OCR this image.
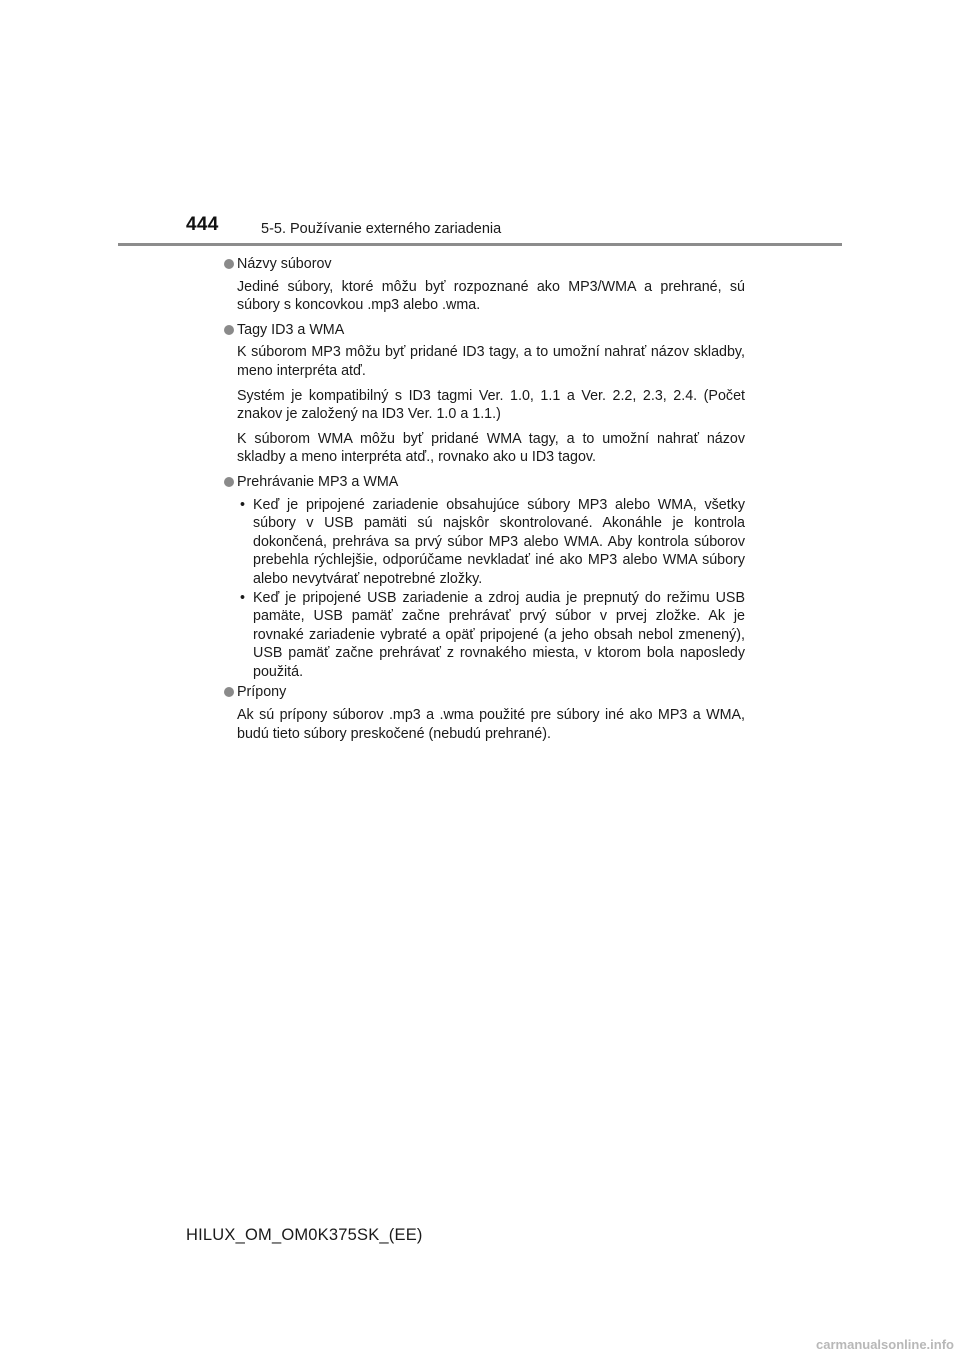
444	5-5. Používanie externého zariadenia
Názvy súborov

Jediné súbory, ktoré môžu byť rozpoznané ako MP3/WMA a prehrané, sú súbory s koncovkou .mp3 alebo .wma.

Tagy ID3 a WMA

K súborom MP3 môžu byť pridané ID3 tagy, a to umožní nahrať názov skladby, meno interpréta atď.

Systém je kompatibilný s ID3 tagmi Ver. 1.0, 1.1 a Ver. 2.2, 2.3, 2.4. (Počet znakov je založený na ID3 Ver. 1.0 a 1.1.)

K súborom WMA môžu byť pridané WMA tagy, a to umožní nahrať názov skladby a meno interpréta atď., rovnako ako u ID3 tagov.

Prehrávanie MP3 a WMA
• Keď je pripojené zariadenie obsahujúce súbory MP3 alebo WMA, všetky súbory v USB pamäti sú najskôr skontrolované. Akonáhle je kontrola dokončená, prehráva sa prvý súbor MP3 alebo WMA. Aby kontrola súborov prebehla rýchlejšie, odporúčame nevkladať iné ako MP3 alebo WMA súbory alebo nevytvárať nepotrebné zložky.
• Keď je pripojené USB zariadenie a zdroj audia je prepnutý do režimu USB pamäte, USB pamäť začne prehrávať prvý súbor v prvej zložke. Ak je rovnaké zariadenie vybraté a opäť pripojené (a jeho obsah nebol zmenený), USB pamäť začne prehrávať z rovnakého miesta, v ktorom bola naposledy použitá.
Prípony

Ak sú prípony súborov .mp3 a .wma použité pre súbory iné ako MP3 a WMA, budú tieto súbory preskočené (nebudú prehrané).

HILUX_OM_OM0K375SK_(EE)
carmanualsonline.info
